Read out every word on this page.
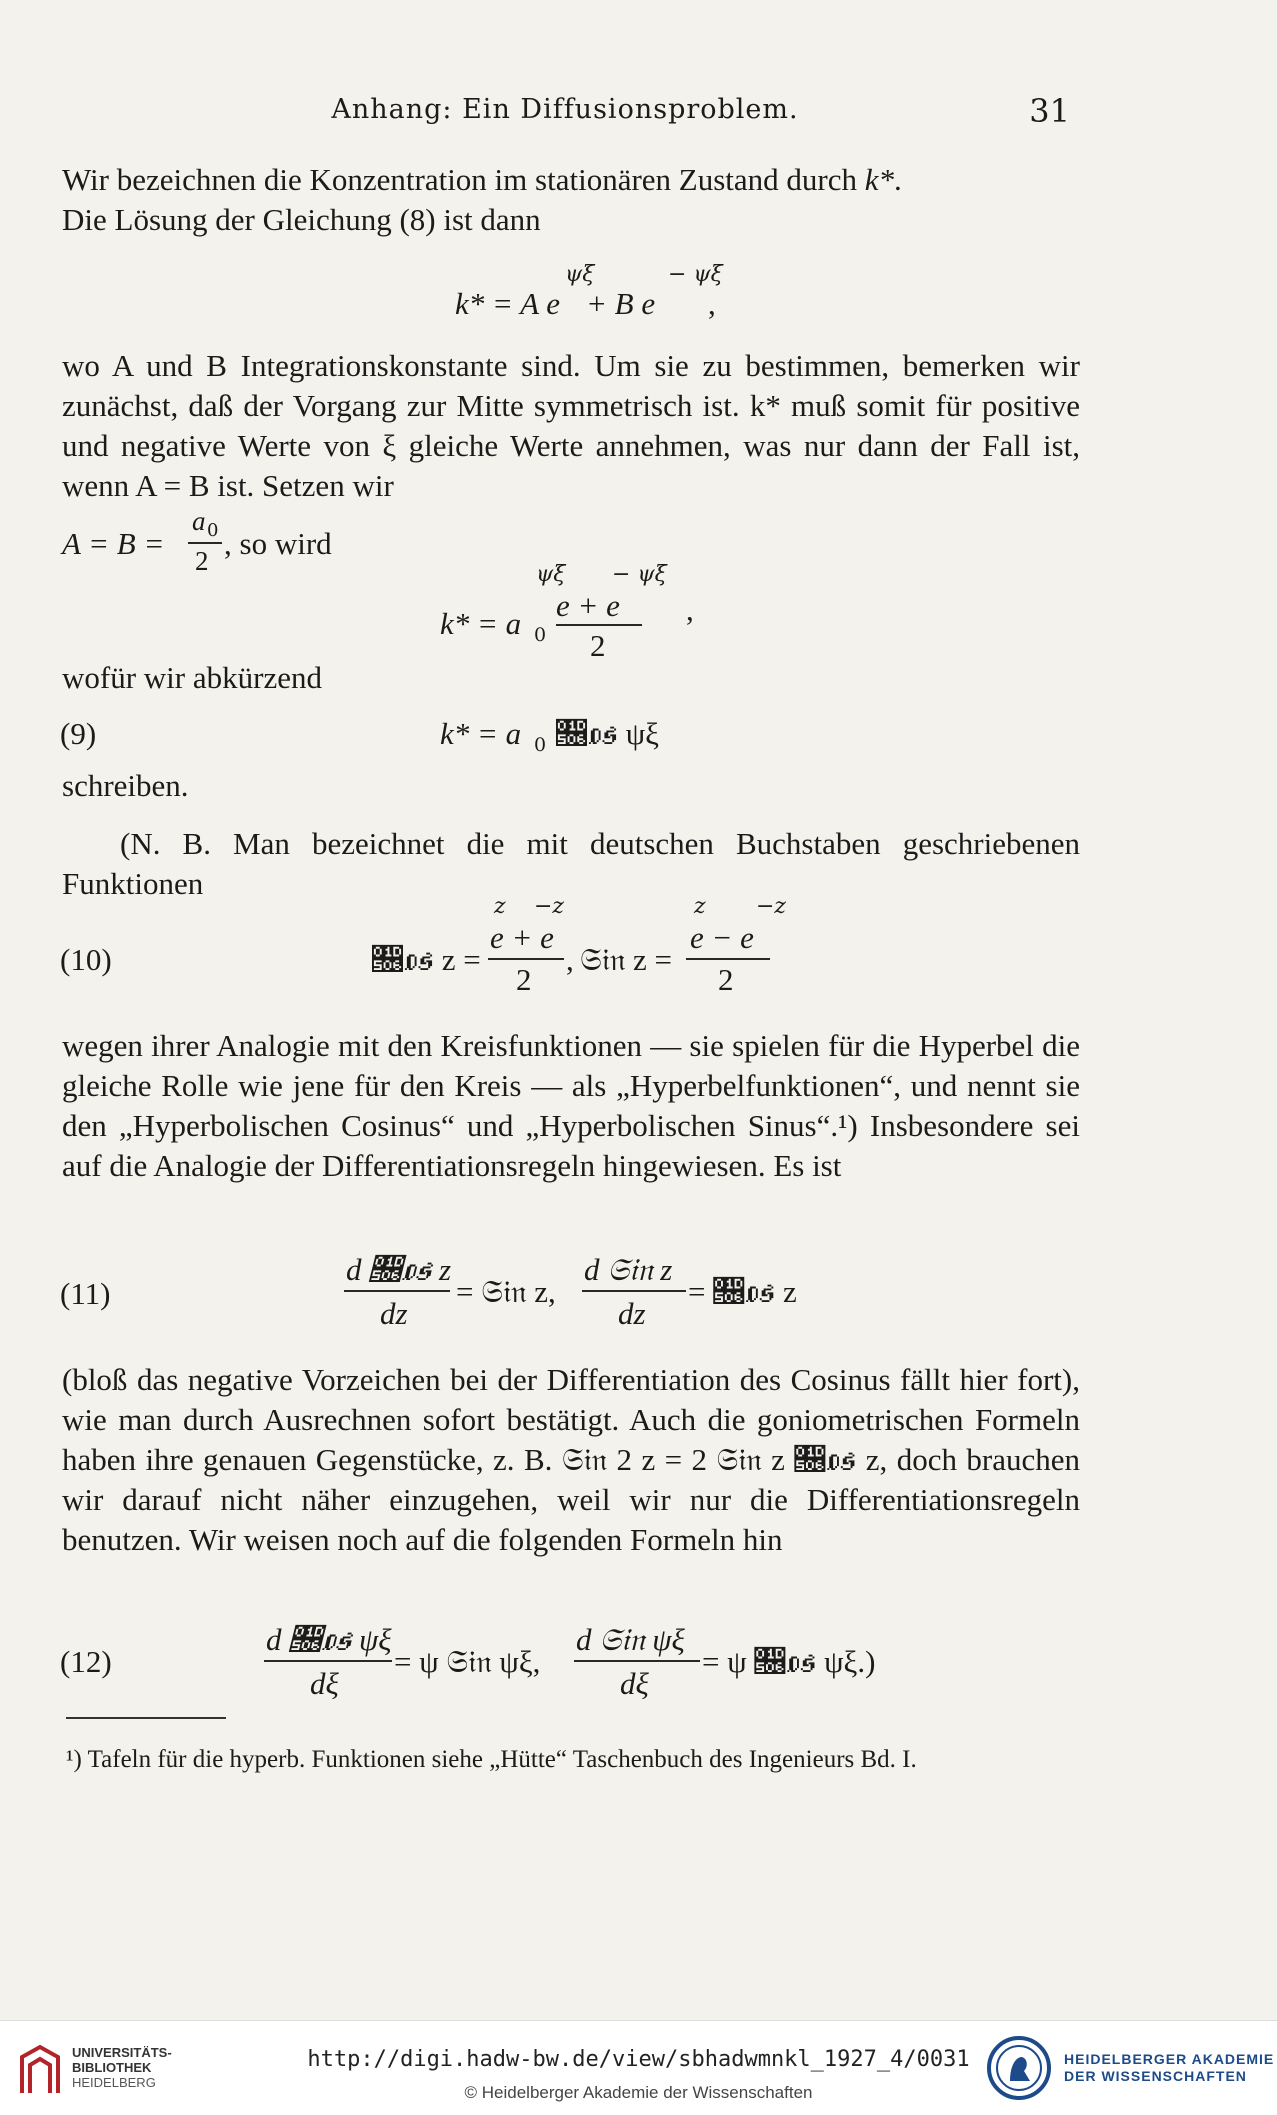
Anhang: Ein Diffusionsproblem.	31
Wir bezeichnen die Konzentration im stationären Zustand durch k*.
Die Lösung der Gleichung (8) ist dann
ψξ	− ψξ
k* = A e + B e ,
wo A und B Integrationskonstante sind. Um sie zu bestimmen, bemerken wir zunächst, daß der Vorgang zur Mitte symmetrisch ist. k* muß somit für positive und negative Werte von ξ gleiche Werte annehmen, was nur dann der Fall ist, wenn A = B ist. Setzen wir
A = B =
a 0
2 , so wird
ψξ − ψξ
e + e
2
k* = a 0
,
wofür wir abkürzend
(9)	k* = a 0 𝔆𝔬𝔰 ψξ
schreiben.
(N. B. Man bezeichnet die mit deutschen Buchstaben geschriebenen Funktionen
(10)	𝔆𝔬𝔰 z =
z −z
e + e
2
, 𝔖𝔦𝔫 z =
z −z
e − e
2
wegen ihrer Analogie mit den Kreisfunktionen — sie spielen für die Hyperbel die gleiche Rolle wie jene für den Kreis — als „Hyperbelfunktionen“, und nennt sie den „Hyperbolischen Cosinus“ und „Hyperbolischen Sinus“.¹) Insbesondere sei auf die Analogie der Differentiationsregeln hingewiesen. Es ist
(11)
d 𝔆𝔬𝔰 z
dz
= 𝔖𝔦𝔫 z,
d 𝔖𝔦𝔫 z
dz
= 𝔆𝔬𝔰 z
(bloß das negative Vorzeichen bei der Differentiation des Cosinus fällt hier fort), wie man durch Ausrechnen sofort bestätigt. Auch die goniometrischen Formeln haben ihre genauen Gegenstücke, z. B. 𝔖𝔦𝔫 2 z = 2 𝔖𝔦𝔫 z 𝔆𝔬𝔰 z, doch brauchen wir darauf nicht näher einzugehen, weil wir nur die Differentiationsregeln benutzen. Wir weisen noch auf die folgenden Formeln hin
(12)
d 𝔆𝔬𝔰 ψξ
dξ
= ψ 𝔖𝔦𝔫 ψξ,
d 𝔖𝔦𝔫 ψξ
dξ
= ψ 𝔆𝔬𝔰 ψξ.)
¹) Tafeln für die hyperb. Funktionen siehe „Hütte“ Taschenbuch des Ingenieurs Bd. I.
UNIVERSITÄTS-
BIBLIOTHEK
HEIDELBERG
http://digi.hadw-bw.de/view/sbhadwmnkl_1927_4/0031
© Heidelberger Akademie der Wissenschaften
HEIDELBERGER AKADEMIE
DER WISSENSCHAFTEN
